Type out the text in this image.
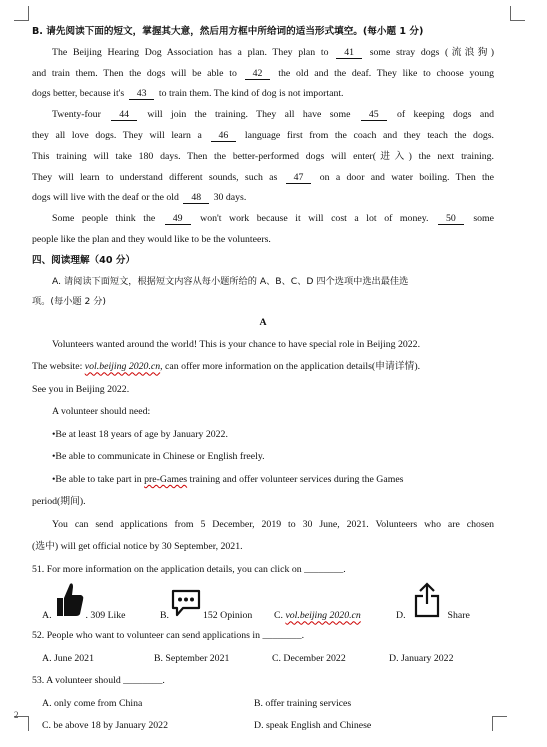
2
B. 请先阅读下面的短文，掌握其大意，然后用方框中所给词的适当形式填空。(每小题 1 分)
The Beijing Hearing Dog Association has a plan. They plan to 41 some stray dogs (流浪狗)
and train them. Then the dogs will be able to 42 the old and the deaf. They like to choose young
dogs better, because it's 43 to train them. The kind of dog is not important.
Twenty-four 44 will join the training. They all have some 45 of keeping dogs and
they all love dogs. They will learn a 46 language first from the coach and they teach the dogs.
This training will take 180 days. Then the better-performed dogs will enter(进入) the next training.
They will learn to understand different sounds, such as 47 on a door and water boiling. Then the
dogs will live with the deaf or the old 48 30 days.
Some people think the 49 won't work because it will cost a lot of money. 50 some
people like the plan and they would like to be the volunteers.
四、阅读理解（40 分）
A. 请阅读下面短文，根据短文内容从每小题所给的 A、B、C、D 四个选项中选出最佳选
项。(每小题 2 分)
A
Volunteers wanted around the world! This is your chance to have special role in Beijing 2022.
The website: vol.beijing 2020.cn, can offer more information on the application details(申请详情).
See you in Beijing 2022.
A volunteer should need:
•Be at least 18 years of age by January 2022.
•Be able to communicate in Chinese or English freely.
•Be able to take part in pre-Games training and offer volunteer services during the Games
period(期间).
You can send applications from 5 December, 2019 to 30 June, 2021. Volunteers who are chosen
(选中) will get official notice by 30 September, 2021.
51. For more information on the application details, you can click on ________.
A.	. 309 Like	B.	152 Opinion C. vol.beijing 2020.cn	D.	Share
52. People who want to volunteer can send applications in ________.
A. June 2021	B. September 2021	C. December 2022	D. January 2022
53. A volunteer should ________.
A. only come from China	B. offer training services
C. be above 18 by January 2022	D. speak English and Chinese
